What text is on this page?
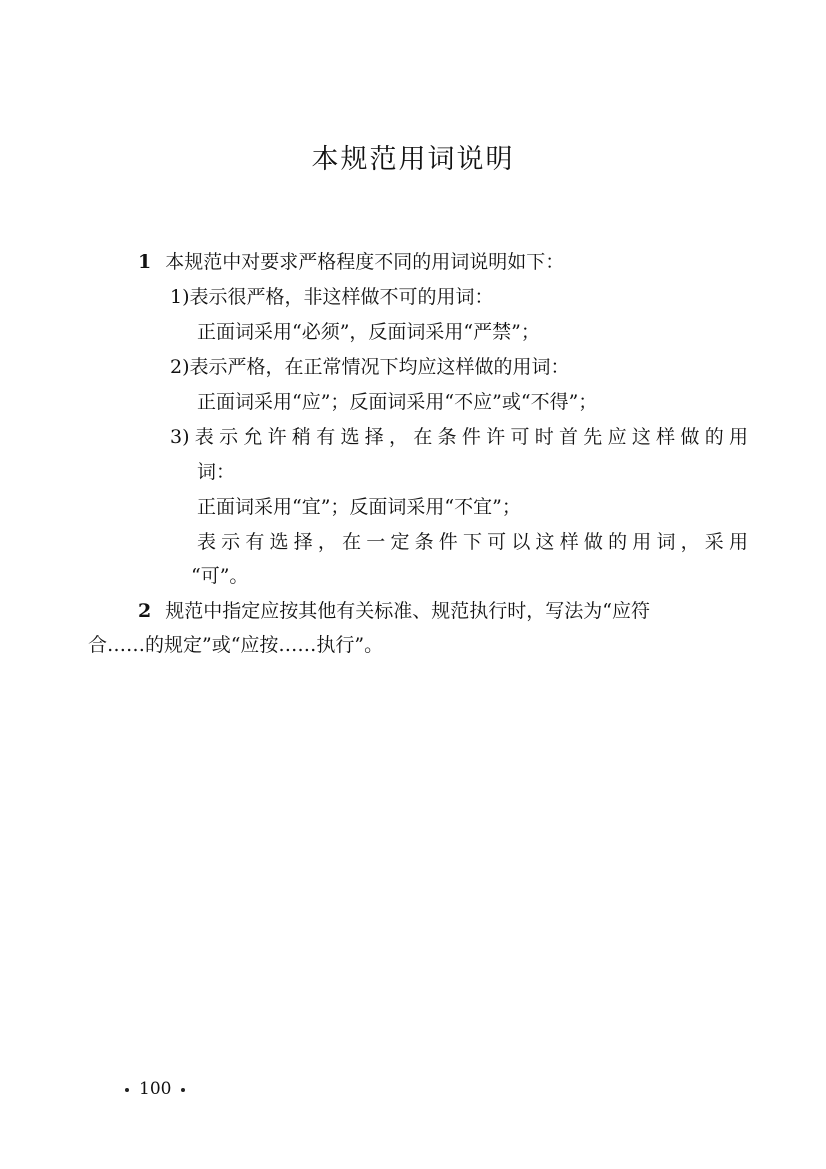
本规范用词说明
1 本规范中对要求严格程度不同的用词说明如下：
1)表示很严格，非这样做不可的用词：
正面词采用“必须”，反面词采用“严禁”；
2)表示严格，在正常情况下均应这样做的用词：
正面词采用“应”；反面词采用“不应”或“不得”；
3)表示允许稍有选择，在条件许可时首先应这样做的用
词：
正面词采用“宜”；反面词采用“不宜”；
表示有选择，在一定条件下可以这样做的用词，采用
“可”。
2 规范中指定应按其他有关标准、规范执行时，写法为“应符
合……的规定”或“应按……执行”。
100
